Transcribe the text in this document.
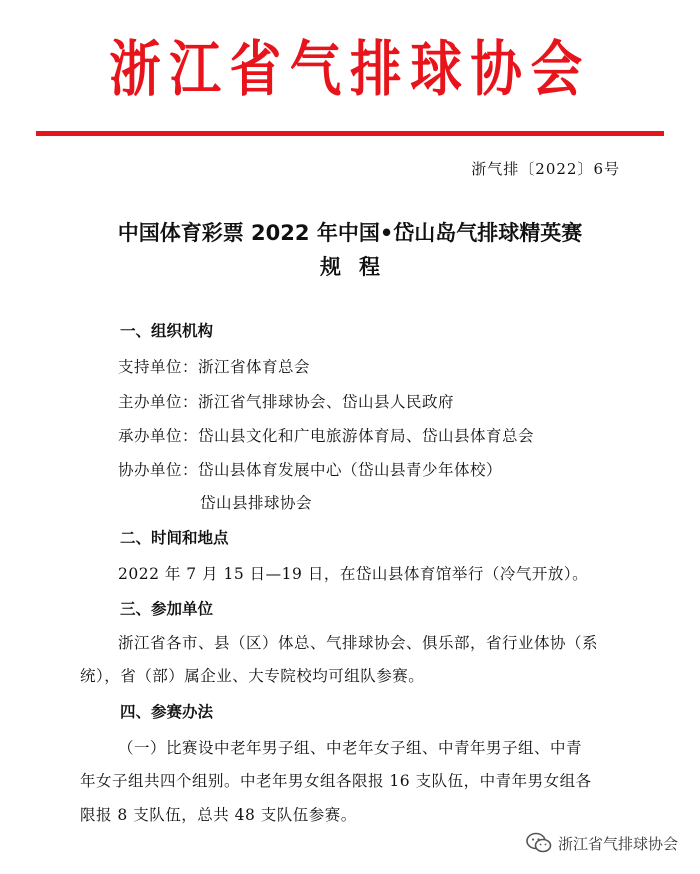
浙江省气排球协会
浙气排〔2022〕6号
中国体育彩票 2022 年中国•岱山岛气排球精英赛
规程
一、组织机构
支持单位：浙江省体育总会
主办单位：浙江省气排球协会、岱山县人民政府
承办单位：岱山县文化和广电旅游体育局、岱山县体育总会
协办单位：岱山县体育发展中心（岱山县青少年体校）
岱山县排球协会
二、时间和地点
2022 年 7 月 15 日—19 日，在岱山县体育馆举行（冷气开放）。
三、参加单位
浙江省各市、县（区）体总、气排球协会、俱乐部，省行业体协（系
统），省（部）属企业、大专院校均可组队参赛。
四、参赛办法
（一）比赛设中老年男子组、中老年女子组、中青年男子组、中青
年女子组共四个组别。中老年男女组各限报 16 支队伍，中青年男女组各
限报 8 支队伍，总共 48 支队伍参赛。
浙江省气排球协会
